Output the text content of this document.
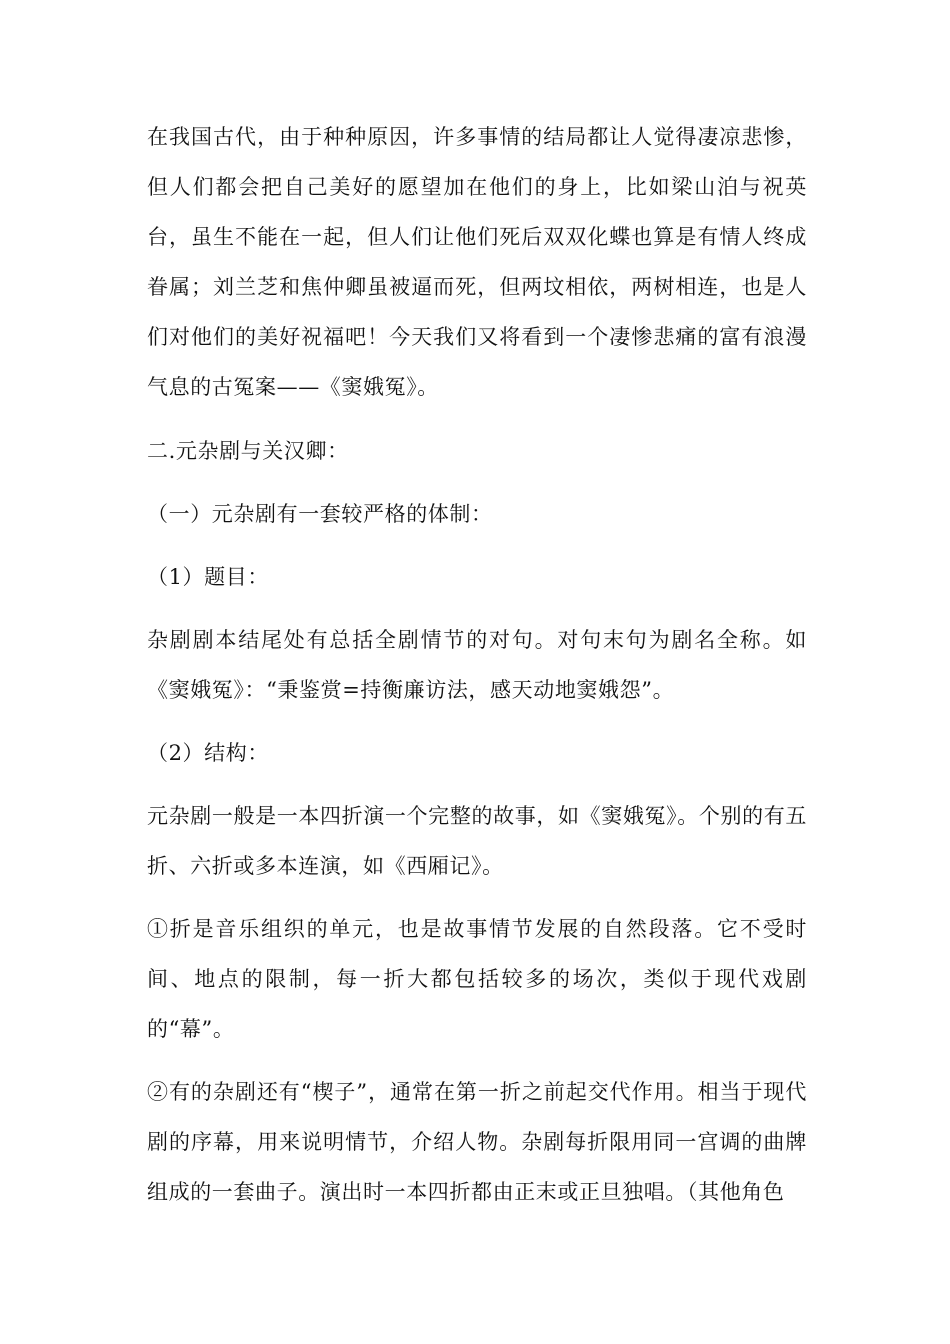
在我国古代，由于种种原因，许多事情的结局都让人觉得凄凉悲惨，但人们都会把自己美好的愿望加在他们的身上，比如梁山泊与祝英台，虽生不能在一起，但人们让他们死后双双化蝶也算是有情人终成眷属；刘兰芝和焦仲卿虽被逼而死，但两坟相依，两树相连，也是人们对他们的美好祝福吧！今天我们又将看到一个凄惨悲痛的富有浪漫气息的古冤案——《窦娥冤》。

二.元杂剧与关汉卿：

（一）元杂剧有一套较严格的体制：

（1）题目：

杂剧剧本结尾处有总括全剧情节的对句。对句末句为剧名全称。如《窦娥冤》：“秉鉴赏=持衡廉访法，感天动地窦娥怨”。

（2）结构：

元杂剧一般是一本四折演一个完整的故事，如《窦娥冤》。个别的有五折、六折或多本连演，如《西厢记》。

①折是音乐组织的单元，也是故事情节发展的自然段落。它不受时间、地点的限制，每一折大都包括较多的场次，类似于现代戏剧的“幕”。

②有的杂剧还有“楔子”，通常在第一折之前起交代作用。相当于现代剧的序幕，用来说明情节，介绍人物。杂剧每折限用同一宫调的曲牌组成的一套曲子。演出时一本四折都由正末或正旦独唱。（其他角色
